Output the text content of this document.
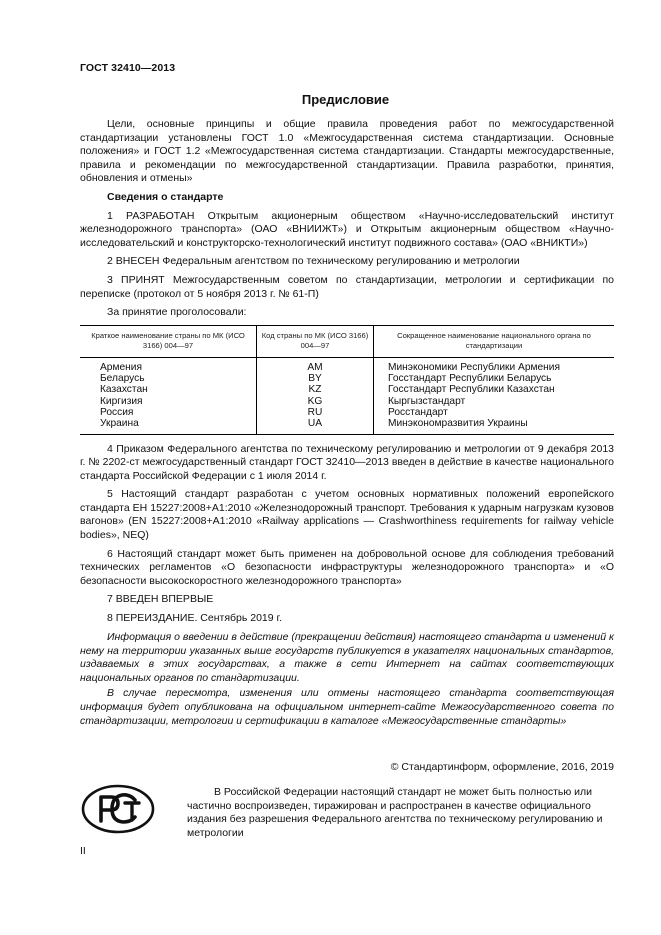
ГОСТ 32410—2013
Предисловие

Цели, основные принципы и общие правила проведения работ по межгосударственной стандартизации установлены ГОСТ 1.0 «Межгосударственная система стандартизации. Основные положения» и ГОСТ 1.2 «Межгосударственная система стандартизации. Стандарты межгосударственные, правила и рекомендации по межгосударственной стандартизации. Правила разработки, принятия, обновления и отмены»

Сведения о стандарте

1 РАЗРАБОТАН Открытым акционерным обществом «Научно-исследовательский институт железнодорожного транспорта» (ОАО «ВНИИЖТ») и Открытым акционерным обществом «Научно-исследовательский и конструкторско-технологический институт подвижного состава» (ОАО «ВНИКТИ»)

2 ВНЕСЕН Федеральным агентством по техническому регулированию и метрологии

3 ПРИНЯТ Межгосударственным советом по стандартизации, метрологии и сертификации по переписке (протокол от 5 ноября 2013 г. № 61-П)

За принятие проголосовали:

Краткое наименование страны по МК (ИСО 3166) 004—97	Код страны по МК (ИСО 3166) 004—97	Сокращенное наименование национального органа по стандартизации
Армения	AM	Минэкономики Республики Армения
Беларусь	BY	Госстандарт Республики Беларусь
Казахстан	KZ	Госстандарт Республики Казахстан
Киргизия	KG	Кыргызстандарт
Россия	RU	Росстандарт
Украина	UA	Минэкономразвития Украины

4 Приказом Федерального агентства по техническому регулированию и метрологии от 9 декабря 2013 г. № 2202-ст межгосударственный стандарт ГОСТ 32410—2013 введен в действие в качестве национального стандарта Российской Федерации с 1 июля 2014 г.

5 Настоящий стандарт разработан с учетом основных нормативных положений европейского стандарта ЕН 15227:2008+А1:2010 «Железнодорожный транспорт. Требования к ударным нагрузкам кузовов вагонов» (EN 15227:2008+A1:2010 «Railway applications — Crashworthiness requirements for railway vehicle bodies», NEQ)

6 Настоящий стандарт может быть применен на добровольной основе для соблюдения требований технических регламентов «О безопасности инфраструктуры железнодорожного транспорта» и «О безопасности высокоскоростного железнодорожного транспорта»

7 ВВЕДЕН ВПЕРВЫЕ

8 ПЕРЕИЗДАНИЕ. Сентябрь 2019 г.

Информация о введении в действие (прекращении действия) настоящего стандарта и изменений к нему на территории указанных выше государств публикуется в указателях национальных стандартов, издаваемых в этих государствах, а также в сети Интернет на сайтах соответствующих национальных органов по стандартизации.

В случае пересмотра, изменения или отмены настоящего стандарта соответствующая информация будет опубликована на официальном интернет-сайте Межгосударственного совета по стандартизации, метрологии и сертификации в каталоге «Межгосударственные стандарты»

© Стандартинформ, оформление, 2016, 2019
В Российской Федерации настоящий стандарт не может быть полностью или частично воспроизведен, тиражирован и распространен в качестве официального издания без разрешения Федерального агентства по техническому регулированию и метрологии
II
